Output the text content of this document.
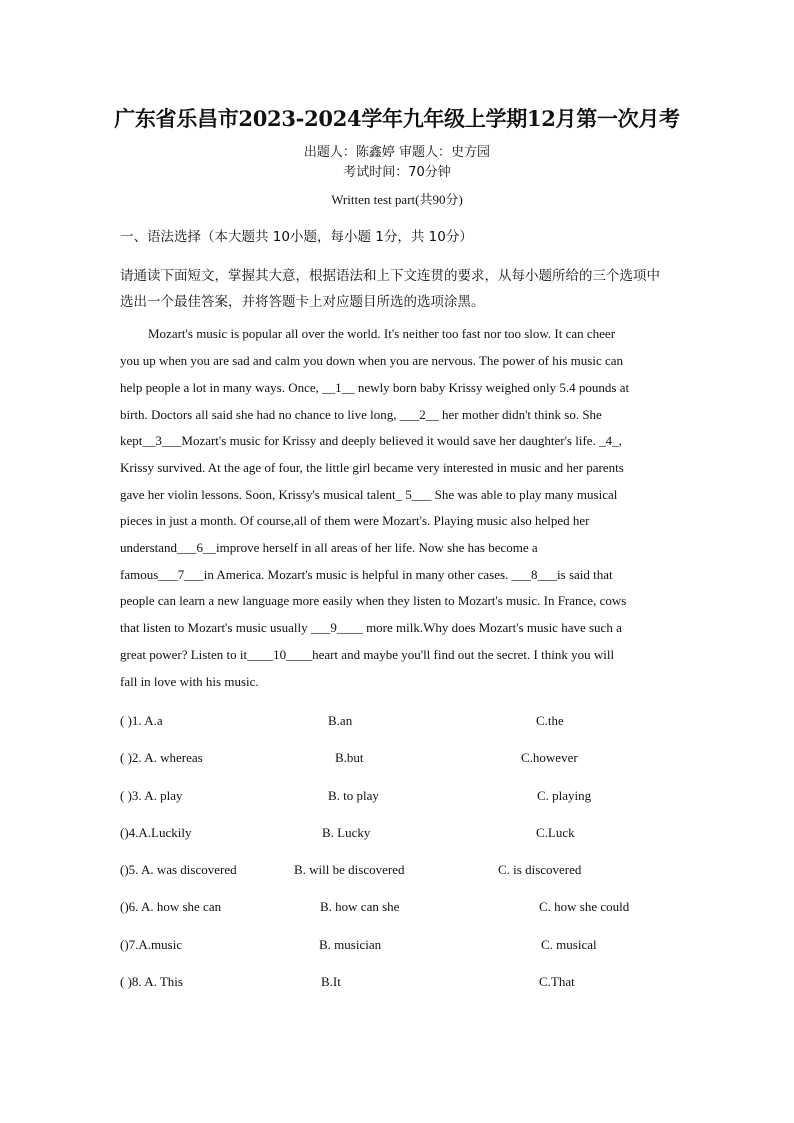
广东省乐昌市2023-2024学年九年级上学期12月第一次月考
出题人：陈鑫婷 审题人：史方园
考试时间：70分钟
Written test part(共90分)
一、语法选择（本大题共 10小题，每小题 1分，共 10分）
请通读下面短文，掌握其大意，根据语法和上下文连贯的要求，从每小题所给的三个选项中
选出一个最佳答案，并将答题卡上对应题目所选的选项涂黑。
Mozart's music is popular all over the world. It's neither too fast nor too slow. It can cheer
you up when you are sad and calm you down when you are nervous. The power of his music can
help people a lot in many ways. Once, __1__ newly born baby Krissy weighed only 5.4 pounds at
birth. Doctors all said she had no chance to live long, ___2__ her mother didn't think so. She
kept__3___Mozart's music for Krissy and deeply believed it would save her daughter's life. _4_,
Krissy survived. At the age of four, the little girl became very interested in music and her parents
gave her violin lessons. Soon, Krissy's musical talent_ 5___ She was able to play many musical
pieces in just a month. Of course,all of them were Mozart's. Playing music also helped her
understand___6__improve herself in all areas of her life. Now she has become a
famous___7___in America. Mozart's music is helpful in many other cases. ___8___is said that
people can learn a new language more easily when they listen to Mozart's music. In France, cows
that listen to Mozart's music usually ___9____ more milk.Why does Mozart's music have such a
great power? Listen to it____10____heart and maybe you'll find out the secret. I think you will
fall in love with his music.
( )1. A.a	B.an	C.the
( )2. A. whereas	B.but	C.however
( )3. A. play	B. to play	C. playing
()4.A.Luckily	B. Lucky	C.Luck
()5. A. was discovered	B. will be discovered	C. is discovered
()6. A. how she can	B. how can she	C. how she could
()7.A.music	B. musician	C. musical
( )8. A. This	B.It	C.That
